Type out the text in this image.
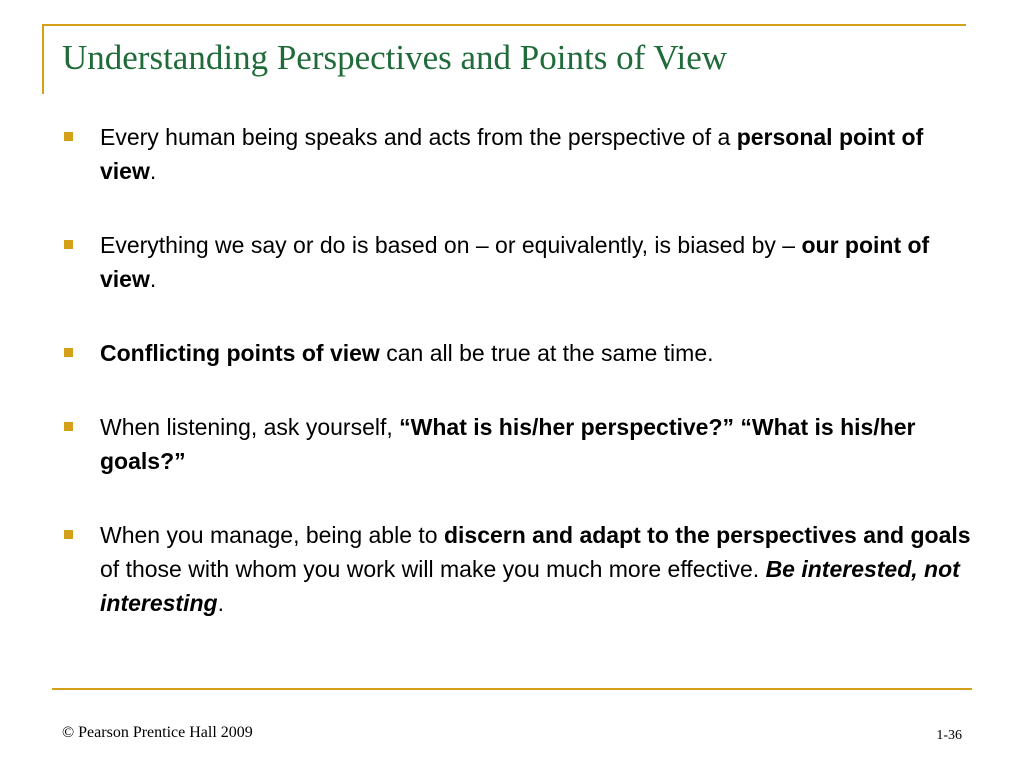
Understanding Perspectives and Points of View
Every human being speaks and acts from the perspective of a personal point of view.
Everything we say or do is based on – or equivalently, is biased by – our point of view.
Conflicting points of view can all be true at the same time.
When listening, ask yourself, “What is his/her perspective?” “What is his/her goals?”
When you manage, being able to discern and adapt to the perspectives and goals of those with whom you work will make you much more effective. Be interested, not interesting.
© Pearson Prentice Hall 2009	1-36
